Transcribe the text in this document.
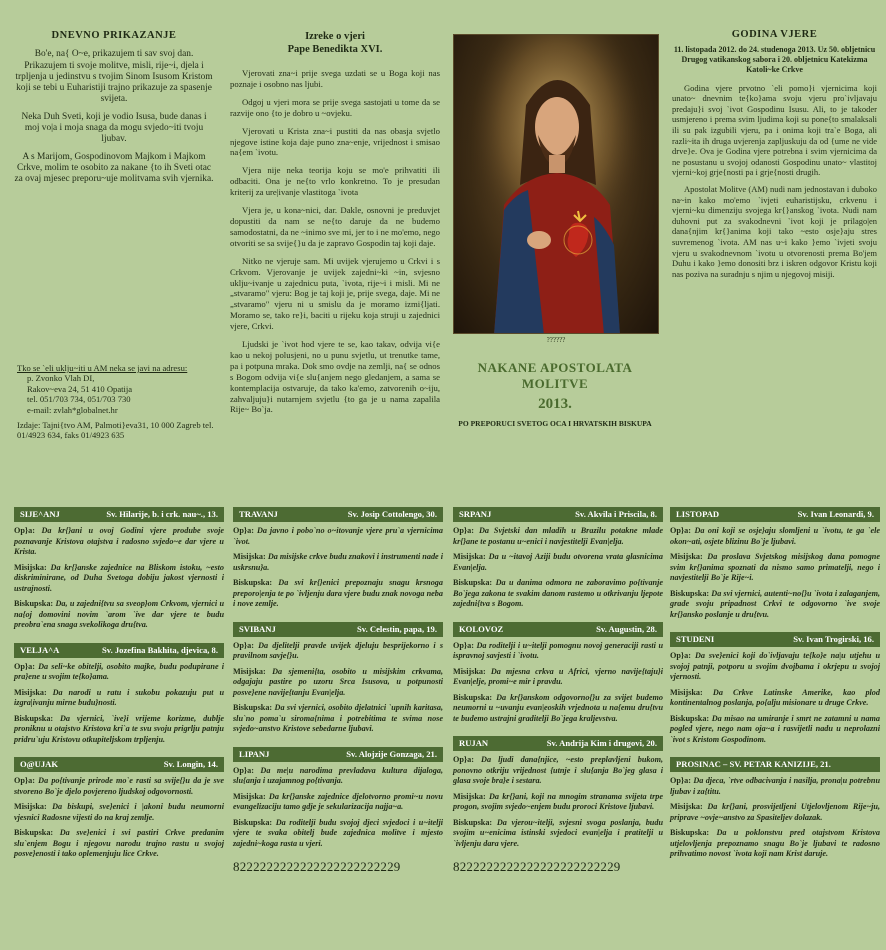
DNEVNO PRIKAZANJE

Bo'e, na{ O~e, prikazujem ti sav svoj dan. Prikazujem ti svoje molitve, misli, rije~i, djela i trpljenja u jedinstvu s tvojim Sinom Isusom Kristom koji se tebi u Euharistiji trajno prikazuje za spasenje svijeta.

Neka Duh Sveti, koji je vodio Isusa, bude danas i moj vo|a i moja snaga da mogu svjedo~iti tvoju ljubav.

A s Marijom, Gospodinovom Majkom i Majkom Crkve, molim te osobito za nakane {to ih Sveti otac za ovaj mjesec preporu~uje molitvama svih vjernika.

Tko se `eli uklju~iti u AM neka se javi na adresu:
p. Zvonko Vlah DI,
Rakov~eva 24, 51 410 Opatija
tel. 051/703 734, 051/703 730
e-mail: zvlah*globalnet.hr
Izdaje: Tajni{tvo AM, Palmoti}eva31, 10 000 Zagreb tel. 01/4923 634, faks 01/4923 635
Izreke o vjeri
Pape Benedikta XVI.

Vjerovati zna~i prije svega uzdati se u Boga koji nas poznaje i osobno nas ljubi.

Odgoj u vjeri mora se prije svega sastojati u tome da se razvije ono {to je dobro u ~ovjeku.

Vjerovati u Krista zna~i pustiti da nas obasja svjetlo njegove istine koja daje puno zna~enje, vrijednost i smisao na{em `ivotu.

Vjera nije neka teorija koju se mo'e prihvatiti ili odbaciti. Ona je ne{to vrlo konkretno. To je presudan kriterij za ure|ivanje vlastitoga `ivota

Vjera je, u kona~nici, dar. Dakle, osnovni je preduvjet dopustiti da nam se ne{to daruje da ne budemo samodostatni, da ne ~inimo sve mi, jer to i ne mo'emo, nego otvoriti se sa svije{}u da je zapravo Gospodin taj koji daje.

Nitko ne vjeruje sam. Mi uvijek vjerujemo u Crkvi i s Crkvom. Vjerovanje je uvijek zajedni~ki ~in, svjesno uklju~ivanje u zajednicu puta, `ivota, rije~i i misli. Mi ne „stvaramo" vjeru: Bog je taj koji je, prije svega, daje. Mi ne „stvaramo" vjeru ni u smislu da je moramo izmi{ljati. Moramo se, tako re}i, baciti u rijeku koja struji u zajednici vjere, Crkvi.

Ljudski je `ivot hod vjere te se, kao takav, odvija vi{e kao u nekoj polusjeni, no u punu svjetlu, ut trenutke tame, pa i potpuna mraka. Dok smo ovdje na zemlji, na{ se odnos s Bogom odvija vi{e slu{anjem nego gledanjem, a sama se kontemplacija ostvaruje, da tako ka'emo, zatvorenih o~iju, zahvaljuju}i nutarnjem svjetlu {to ga je u nama zapalila Rije~ Bo`ja.

??????
NAKANE APOSTOLATA MOLITVE
2013.
PO PREPORUCI SVETOG OCA I HRVATSKIH BISKUPA
GODINA VJERE
11. listopada 2012. do 24. studenoga 2013. Uz 50. obljetnicu Drugog vatikanskog sabora i 20. obljetnicu Katekizma Katoli~ke Crkve

Godina vjere prvotno `eli pomo}i vjernicima koji unato~ dnevnim te{ko}ama svoju vjeru pro`ivljavaju predaju}i svoj `ivot Gospodinu Isusu. Ali, to je takoder usmjereno i prema svim ljudima koji su pone{to smalaksali ili su pak izgubili vjeru, pa i onima koji tra`e Boga, ali razli~ita ih druga uvjerenja zapljuskuju da od {ume ne vide drve}e. Ova je Godina vjere potrebna i svim vjernicima da ne posustanu u svojoj odanosti Gospodinu unato~ vlastitoj vjerni~koj grje{nosti pa i grje{nosti drugih.

Apostolat Molitve (AM) nudi nam jednostavan i duboko na~in kako mo'emo `ivjeti euharistijsku, crkvenu i vjerni~ku dimenziju svojega kr{}anskog `ivota. Nudi nam duhovni put za svakodnevni `ivot koji je prilago|en dana{njim kr{}anima koji tako ~esto osje}aju stres suvremenog `ivota. AM nas u~i kako }emo `ivjeti svoju vjeru u svakodnevnom `ivotu u otvorenosti prema Bo'jem Duhu i kako }emo donositi brz i iskren odgovor Kristu koji nas poziva na suradnju s njim u njegovoj misiji.

SIJE^ANJ	Sv. Hilarije, b. i crk. nau~., 13.
Op}a: Da kr{}ani u ovoj Godini vjere prodube svoje poznavanje Kristova otajstva i radosno svjedo~e dar vjere u Krista.
Misijska: Da kr{}anske zajednice na Bliskom istoku, ~esto diskriminirane, od Duha Svetoga dobiju jakost vjernosti i ustrajnosti.
Biskupska: Da, u zajedni{tvu sa sveop}om Crkvom, vjernici u na{oj domovini novim `arom `ive dar vjere te budu preobra`ena snaga svekolikoga dru{tva.
VELJA^A	Sv. Jozefina Bakhita, djevica, 8.
Op}a: Da seli~ke obitelji, osobito majke, budu podupirane i pra}ene u svojim te{ko}ama.
Misijska: Da narodi u ratu i sukobu pokazuju put u izgra|ivanju mirne budu}nosti.
Biskupska: Da vjernici, `ive}i vrijeme korizme, dublje proniknu u otajstvo Kristova kri`a te svu svoju prigrlju patnju pridru`uju Kristovu otkupiteljskom trpljenju.
O@UJAK	Sv. Longin, 14.
Op}a: Da po{tivanje prirode mo`e rasti sa svije{}u da je sve stvoreno Bo`je djelo povjereno ljudskoj odgovornosti.
Misijska: Da biskupi, sve}enici i |akoni budu neumorni vjesnici Radosne vijesti do na kraj zemlje.
Biskupska: Da sve}enici i svi pastiri Crkve predanim slu`enjem Bogu i njegovu narodu trajno rastu u svojoj posve}enosti i tako oplemenjuju lice Crkve.
TRAVANJ	Sv. Josip Cottolengo, 30.
Op}a: Da javno i pobo`no o~itovanje vjere pru`a vjernicima `ivot.
Misijska: Da misijske crkve budu znakovi i instrumenti nade i uskrsnu}a.
Biskupska: Da svi kr{}enici prepoznaju snagu krsnoga preporo|enja te po `ivljenju dara vjere budu znak novoga neba i nove zemlje.
SVIBANJ	Sv. Celestin, papa, 19.
Op}a: Da djelitelji pravde uvijek djeluju besprijekorno i s pravilnom savje{}u.
Misijska: Da sjemeni{ta, osobito u misijskim crkvama, odgajaju pastire po uzoru Srca Isusova, u potpunosti posve}ene navije{tanju Evan|elja.
Biskupska: Da svi vjernici, osobito djelatnici `upnih karitasa, slu`no poma`u siroma{nima i potrebitima te svima nose svjedo~anstvo Kristove sebedarne ljubavi.
LIPANJ	Sv. Alojzije Gonzaga, 21.
Op}a: Da me|u narodima prevladava kultura dijaloga, slu{anja i uzajamnog po{tivanja.
Misijska: Da kr{}anske zajednice djelotvorno promi~u novu evangelizaciju tamo gdje je sekularizacija najja~a.
Biskupska: Da roditelji budu svojoj djeci svjedoci i u~itelji vjere te svaka obitelj bude zajednica molitve i mjesto zajedni~koga rasta u vjeri.
8222222222222222222222229
SRPANJ	Sv. Akvila i Priscila, 8.
Op}a: Da Svjetski dan mladih u Brazilu potakne mlade kr{}ane te postanu u~enici i navjestitelji Evan|elja.
Misijska: Da u ~itavoj Aziji budu otvorena vrata glasnicima Evan|elja.
Biskupska: Da u danima odmora ne zaboravimo po{tivanje Bo`jega zakona te svakim danom rastemo u otkrivanju ljepote zajedni{tva s Bogom.
KOLOVOZ	Sv. Augustin, 28.
Op}a: Da roditelji i u~itelji pomognu novoj generaciji rasti u ispravnoj savjesti i `ivotu.
Misijska: Da mjesna crkva u Africi, vjerno navije{taju}i Evan|elje, promi~e mir i pravdu.
Biskupska: Da kr{}anskom odgovorno{}u za svijet budemo neumorni u ~uvanju evan|eoskih vrjednota u na{emu dru{tvu te budemo ustrajni graditelji Bo`jega kraljevstva.
RUJAN	Sv. Andrija Kim i drugovi, 20.
Op}a: Da ljudi dana{njice, ~esto preplavljeni bukom, ponovno otkriju vrijednost {utnje i slu{anja Bo`jeg glasa i glasa svoje bra}e i sestara.
Misijska: Da kr{}ani, koji na mnogim stranama svijeta trpe progon, svojim svjedo~enjem budu proroci Kristove ljubavi.
Biskupska: Da vjerou~itelji, svjesni svoga poslanja, budu svojim u~enicima istinski svjedoci evan|elja i pratitelji u `ivljenju dara vjere.
8222222222222222222222229
LISTOPAD	Sv. Ivan Leonardi, 9.
Op}a: Da oni koji se osje}aju slomljeni u `ivotu, te ga `ele okon~ati, osjete blizinu Bo`je ljubavi.
Misijska: Da proslava Svjetskog misijskog dana pomogne svim kr{}anima spoznati da nismo samo primatelji, nego i navjestitelji Bo`je Rije~i.
Biskupska: Da svi vjernici, autenti~no{}u `ivota i zalaganjem, grade svoju pripadnost Crkvi te odgovorno `ive svoje kr{}ansko poslanje u dru{tvu.
STUDENI	Sv. Ivan Trogirski, 16.
Op}a: Da sve}enici koji do`ivljavaju te{ko}e na|u utjehu u svojoj patnji, potporu u svojim dvojbama i okrjepu u svojoj vjernosti.
Misijska: Da Crkve Latinske Amerike, kao plod kontinentalnog poslanja, po{alju misionare u druge Crkve.
Biskupska: Da misao na umiranje i smrt ne zatamni u nama pogled vjere, nego nam oja~a i rasvijetli nadu u neprolazni `ivot s Kristom Gospodinom.
PROSINAC – SV. PETAR KANIZIJE, 21.
Op}a: Da djeca, `rtve odbacivanja i nasilja, prona|u potrebnu ljubav i za{titu.
Misijska: Da kr{}ani, prosvijetljeni Utjelovljenom Rije~ju, priprave ~ovje~anstvo za Spasiteljev dolazak.
Biskupska: Da u poklonstvu pred otajstvom Kristova utjelovljenja prepoznamo snagu Bo`je ljubavi te radosno prihvatimo novost `ivota koji nam Krist daruje.
